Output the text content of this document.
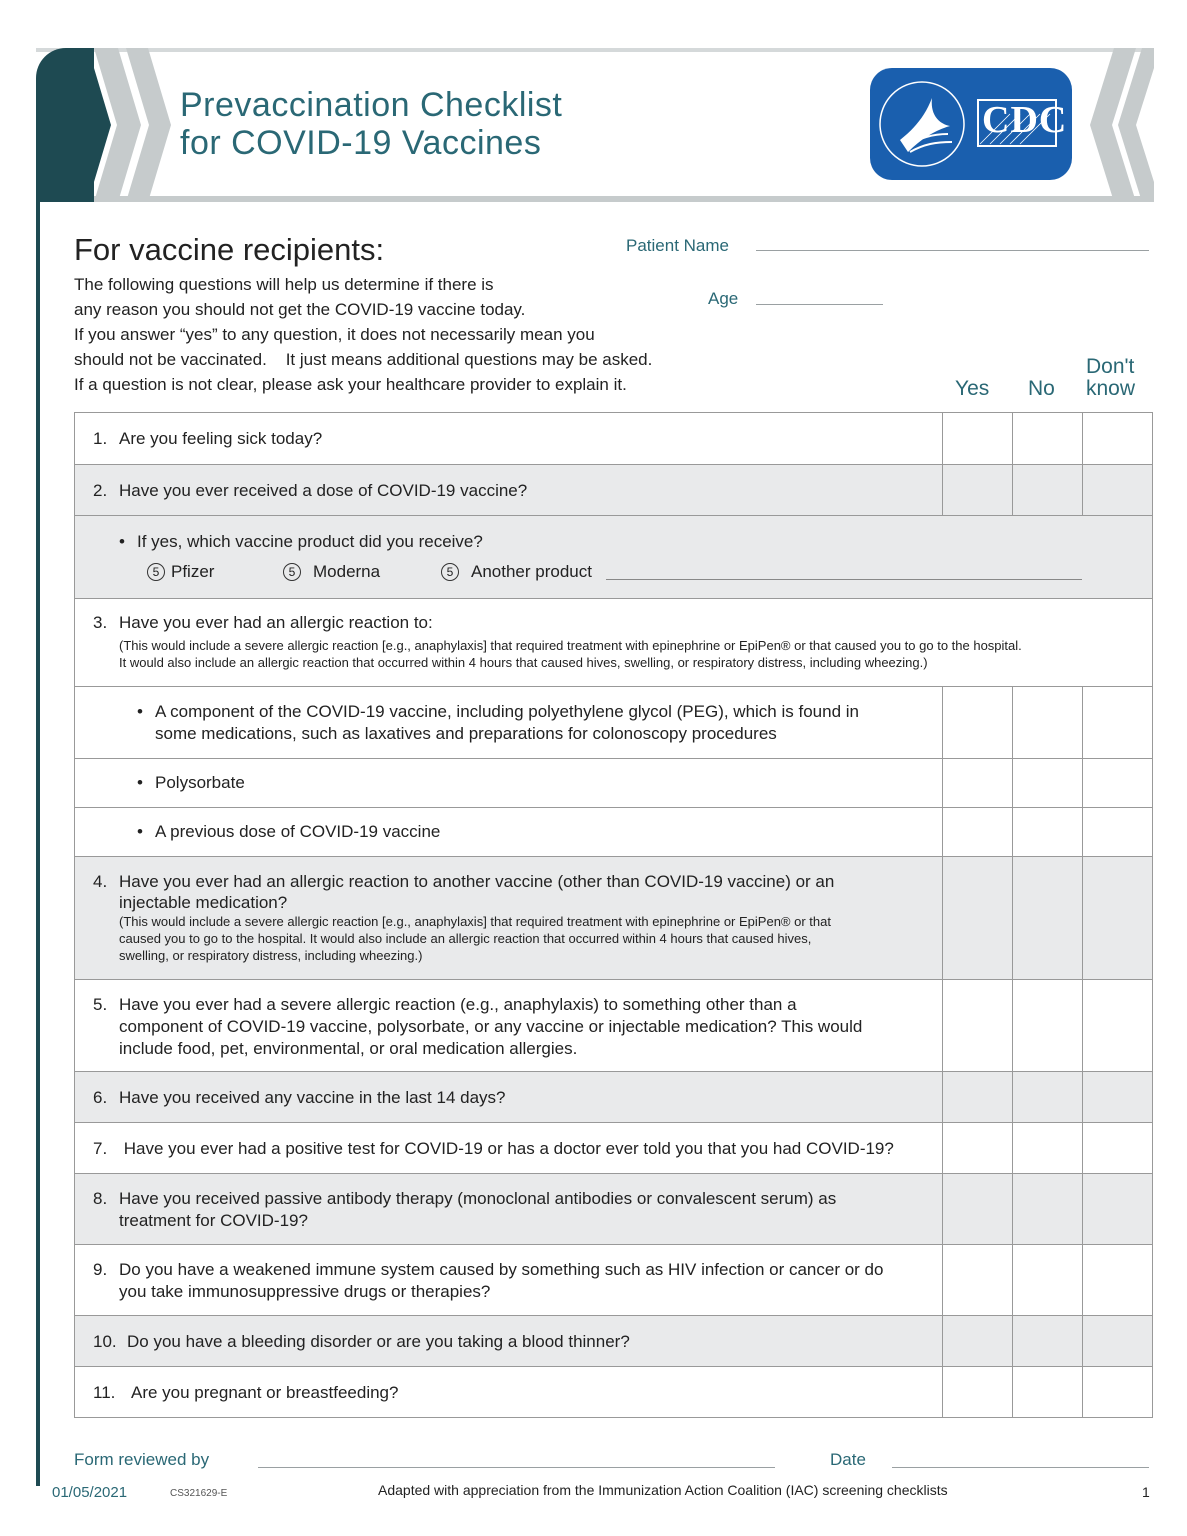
Prevaccination Checklist
for COVID-19 Vaccines
CDC
For vaccine recipients:
The following questions will help us determine if there is
any reason you should not get the COVID-19 vaccine today.
If you answer “yes” to any question, it does not necessarily mean you
should not be vaccinated.    It just means additional questions may be asked.
If a question is not clear, please ask your healthcare provider to explain it.
Patient Name
Age
Yes No
Don't
know
1. Are you feeling sick today?
2. Have you ever received a dose of COVID-19 vaccine?
• If yes, which vaccine product did you receive?
5 Pfizer	5	Moderna	5	Another product
3. Have you ever had an allergic reaction to:
(This would include a severe allergic reaction [e.g., anaphylaxis] that required treatment with epinephrine or EpiPen® or that caused you to go to the hospital.
It would also include an allergic reaction that occurred within 4 hours that caused hives, swelling, or respiratory distress, including wheezing.)
• A component of the COVID-19 vaccine, including polyethylene glycol (PEG), which is found in
some medications, such as laxatives and preparations for colonoscopy procedures
• Polysorbate
• A previous dose of COVID-19 vaccine
4. Have you ever had an allergic reaction to another vaccine (other than COVID-19 vaccine) or an
injectable medication?
(This would include a severe allergic reaction [e.g., anaphylaxis] that required treatment with epinephrine or EpiPen® or that
caused you to go to the hospital. It would also include an allergic reaction that occurred within 4 hours that caused hives,
swelling, or respiratory distress, including wheezing.)
5. Have you ever had a severe allergic reaction (e.g., anaphylaxis) to something other than a
component of COVID-19 vaccine, polysorbate, or any vaccine or injectable medication? This would
include food, pet, environmental, or oral medication allergies.
6. Have you received any vaccine in the last 14 days?
7. Have you ever had a positive test for COVID-19 or has a doctor ever told you that you had COVID-19?
8. Have you received passive antibody therapy (monoclonal antibodies or convalescent serum) as
treatment for COVID-19?
9. Do you have a weakened immune system caused by something such as HIV infection or cancer or do
you take immunosuppressive drugs or therapies?
10. Do you have a bleeding disorder or are you taking a blood thinner?
11. Are you pregnant or breastfeeding?
Form reviewed by	Date
01/05/2021	CS321629-E	Adapted with appreciation from the Immunization Action Coalition (IAC) screening checklists	1
